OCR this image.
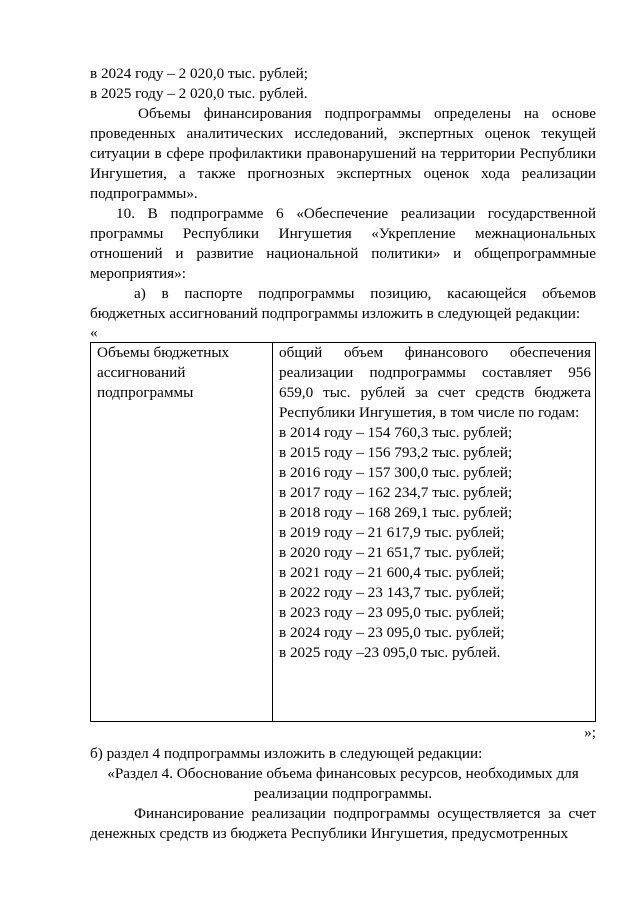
в 2024 году – 2 020,0 тыс. рублей;

в 2025 году – 2 020,0 тыс. рублей.

Объемы финансирования подпрограммы определены на основе проведенных аналитических исследований, экспертных оценок текущей ситуации в сфере профилактики правонарушений на территории Республики Ингушетия, а также прогнозных экспертных оценок хода реализации подпрограммы».

10. В подпрограмме 6 «Обеспечение реализации государственной программы Республики Ингушетия «Укрепление межнациональных отношений и развитие национальной политики» и общепрограммные мероприятия»:

а) в паспорте подпрограммы позицию, касающейся объемов бюджетных ассигнований подпрограммы изложить в следующей редакции:

«

Объемы бюджетных ассигнований подпрограммы	

общий объем финансового обеспечения реализации подпрограммы составляет 956 659,0 тыс. рублей за счет средств бюджета Республики Ингушетия, в том числе по годам:

в 2014 году – 154 760,3 тыс. рублей;
в 2015 году – 156 793,2 тыс. рублей;
в 2016 году – 157 300,0 тыс. рублей;
в 2017 году – 162 234,7 тыс. рублей;
в 2018 году – 168 269,1 тыс. рублей;
в 2019 году – 21 617,9 тыс. рублей;
в 2020 году – 21 651,7 тыс. рублей;
в 2021 году – 21 600,4 тыс. рублей;
в 2022 году – 23 143,7 тыс. рублей;
в 2023 году – 23 095,0 тыс. рублей;
в 2024 году – 23 095,0 тыс. рублей;
в 2025 году –23 095,0 тыс. рублей.

»;

б) раздел 4 подпрограммы изложить в следующей редакции:

«Раздел 4. Обоснование объема финансовых ресурсов, необходимых для реализации подпрограммы.

Финансирование реализации подпрограммы осуществляется за счет денежных средств из бюджета Республики Ингушетия, предусмотренных
